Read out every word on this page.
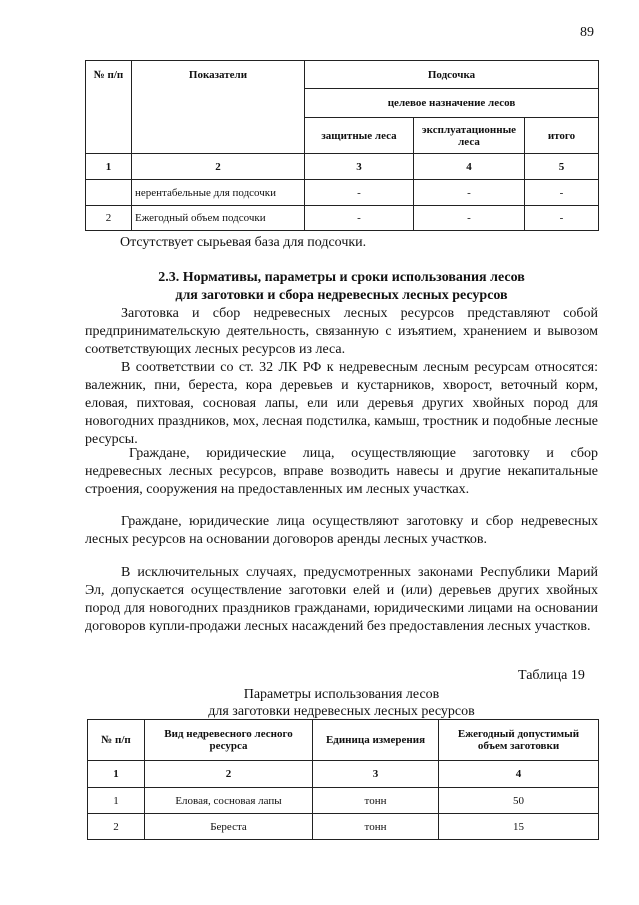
89
№ п/п	Показатели	Подсочка		
		целевое назначение лесов		
		защитные леса	эксплуатационные леса	итого
1	2	3	4	5
	нерентабельные для подсочки	-	-	-
2	Ежегодный объем подсочки	-	-	-
Отсутствует сырьевая база для подсочки.
2.3. Нормативы, параметры и сроки использования лесов
для заготовки и сбора недревесных лесных ресурсов
Заготовка и сбор недревесных лесных ресурсов представляют собой предпринимательскую деятельность, связанную с изъятием, хранением и вывозом соответствующих лесных ресурсов из леса.
В соответствии со ст. 32 ЛК РФ к недревесным лесным ресурсам относятся: валежник, пни, береста, кора деревьев и кустарников, хворост, веточный корм, еловая, пихтовая, сосновая лапы, ели или деревья других хвойных пород для новогодних праздников, мох, лесная подстилка, камыш, тростник и подобные лесные ресурсы.
Граждане, юридические лица, осуществляющие заготовку и сбор недревесных лесных ресурсов, вправе возводить навесы и другие некапитальные строения, сооружения на предоставленных им лесных участках.
Граждане, юридические лица осуществляют заготовку и сбор недревесных лесных ресурсов на основании договоров аренды лесных участков.
В исключительных случаях, предусмотренных законами Республики Марий Эл, допускается осуществление заготовки елей и (или) деревьев других хвойных пород для новогодних праздников гражданами, юридическими лицами на основании договоров купли-продажи лесных насаждений без предоставления лесных участков.
Таблица 19
Параметры использования лесов
для заготовки недревесных лесных ресурсов
№ п/п	Вид недревесного лесного ресурса	Единица измерения	Ежегодный допустимый объем заготовки
1	2	3	4
1	Еловая, сосновая лапы	тонн	50
2	Береста	тонн	15
